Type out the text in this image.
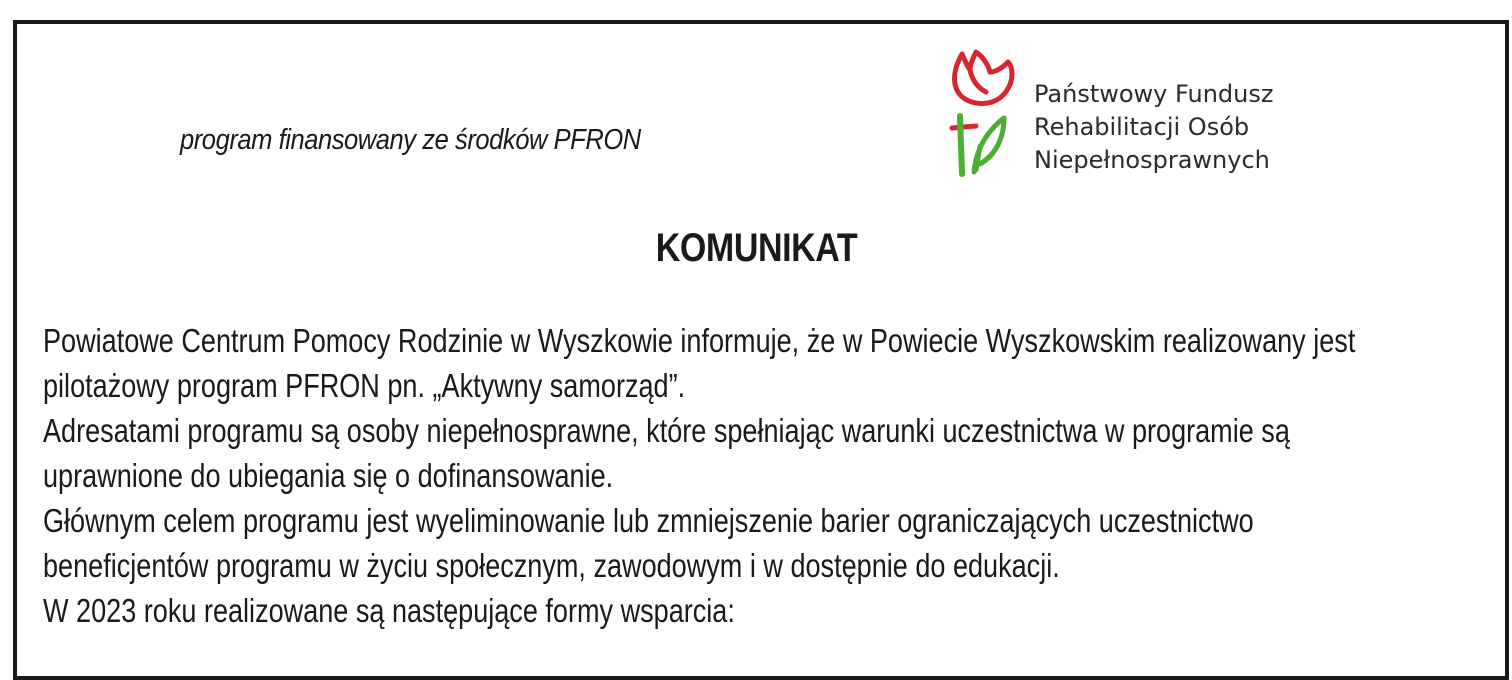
program finansowany ze środków PFRON
Państwowy Fundusz
Rehabilitacji Osób
Niepełnosprawnych
KOMUNIKAT
Powiatowe Centrum Pomocy Rodzinie w Wyszkowie informuje, że w Powiecie Wyszkowskim realizowany jest
pilotażowy program PFRON pn. „Aktywny samorząd”.
Adresatami programu są osoby niepełnosprawne, które spełniając warunki uczestnictwa w programie są
uprawnione do ubiegania się o dofinansowanie.
Głównym celem programu jest wyeliminowanie lub zmniejszenie barier ograniczających uczestnictwo
beneficjentów programu w życiu społecznym, zawodowym i w dostępnie do edukacji.
W 2023 roku realizowane są następujące formy wsparcia:
